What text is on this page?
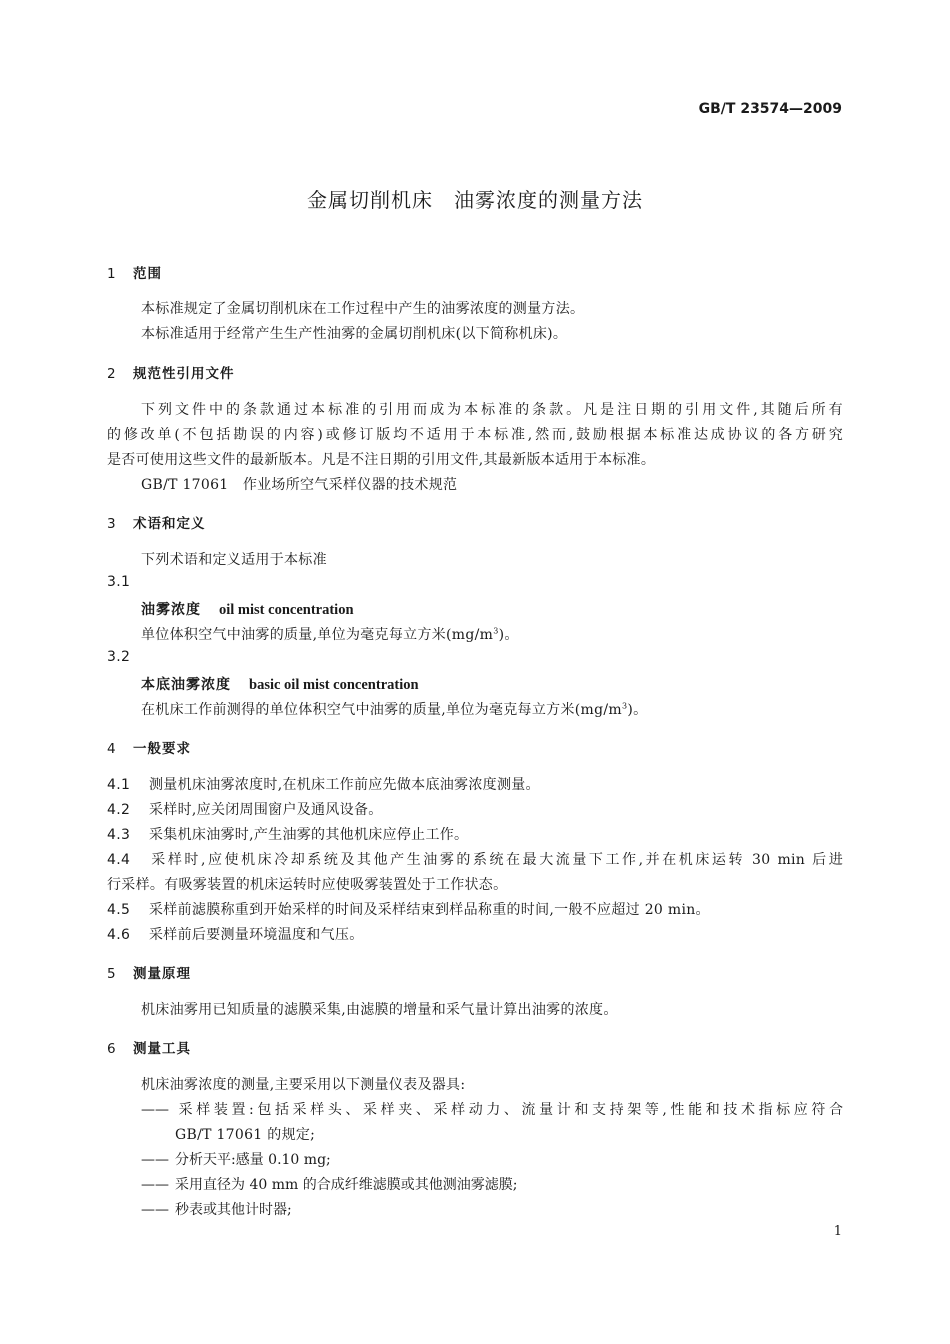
GB/T 23574—2009
金属切削机床　油雾浓度的测量方法
1 范围
本标准规定了金属切削机床在工作过程中产生的油雾浓度的测量方法。
本标准适用于经常产生生产性油雾的金属切削机床(以下简称机床)。
2 规范性引用文件
下列文件中的条款通过本标准的引用而成为本标准的条款。凡是注日期的引用文件,其随后所有
的修改单(不包括勘误的内容)或修订版均不适用于本标准,然而,鼓励根据本标准达成协议的各方研究
是否可使用这些文件的最新版本。凡是不注日期的引用文件,其最新版本适用于本标准。
GB/T 17061　作业场所空气采样仪器的技术规范
3 术语和定义
下列术语和定义适用于本标准
3.1
油雾浓度 oil mist concentration
单位体积空气中油雾的质量,单位为毫克每立方米$(mg/m^3)$。
3.2
本底油雾浓度 basic oil mist concentration
在机床工作前测得的单位体积空气中油雾的质量,单位为毫克每立方米$(mg/m^3)$。
4 一般要求
4.1 测量机床油雾浓度时,在机床工作前应先做本底油雾浓度测量。
4.2 采样时,应关闭周围窗户及通风设备。
4.3 采集机床油雾时,产生油雾的其他机床应停止工作。
4.4 采样时,应使机床冷却系统及其他产生油雾的系统在最大流量下工作,并在机床运转 30 min 后进
行采样。有吸雾装置的机床运转时应使吸雾装置处于工作状态。
4.5 采样前滤膜称重到开始采样的时间及采样结束到样品称重的时间,一般不应超过 20 min。
4.6 采样前后要测量环境温度和气压。
5 测量原理
机床油雾用已知质量的滤膜采集,由滤膜的增量和采气量计算出油雾的浓度。
6 测量工具
机床油雾浓度的测量,主要采用以下测量仪表及器具:
—— 采样装置:包括采样头、采样夹、采样动力、流量计和支持架等,性能和技术指标应符合
GB/T 17061 的规定;
—— 分析天平:感量 0.10 mg;
—— 采用直径为 40 mm 的合成纤维滤膜或其他测油雾滤膜;
—— 秒表或其他计时器;
1
